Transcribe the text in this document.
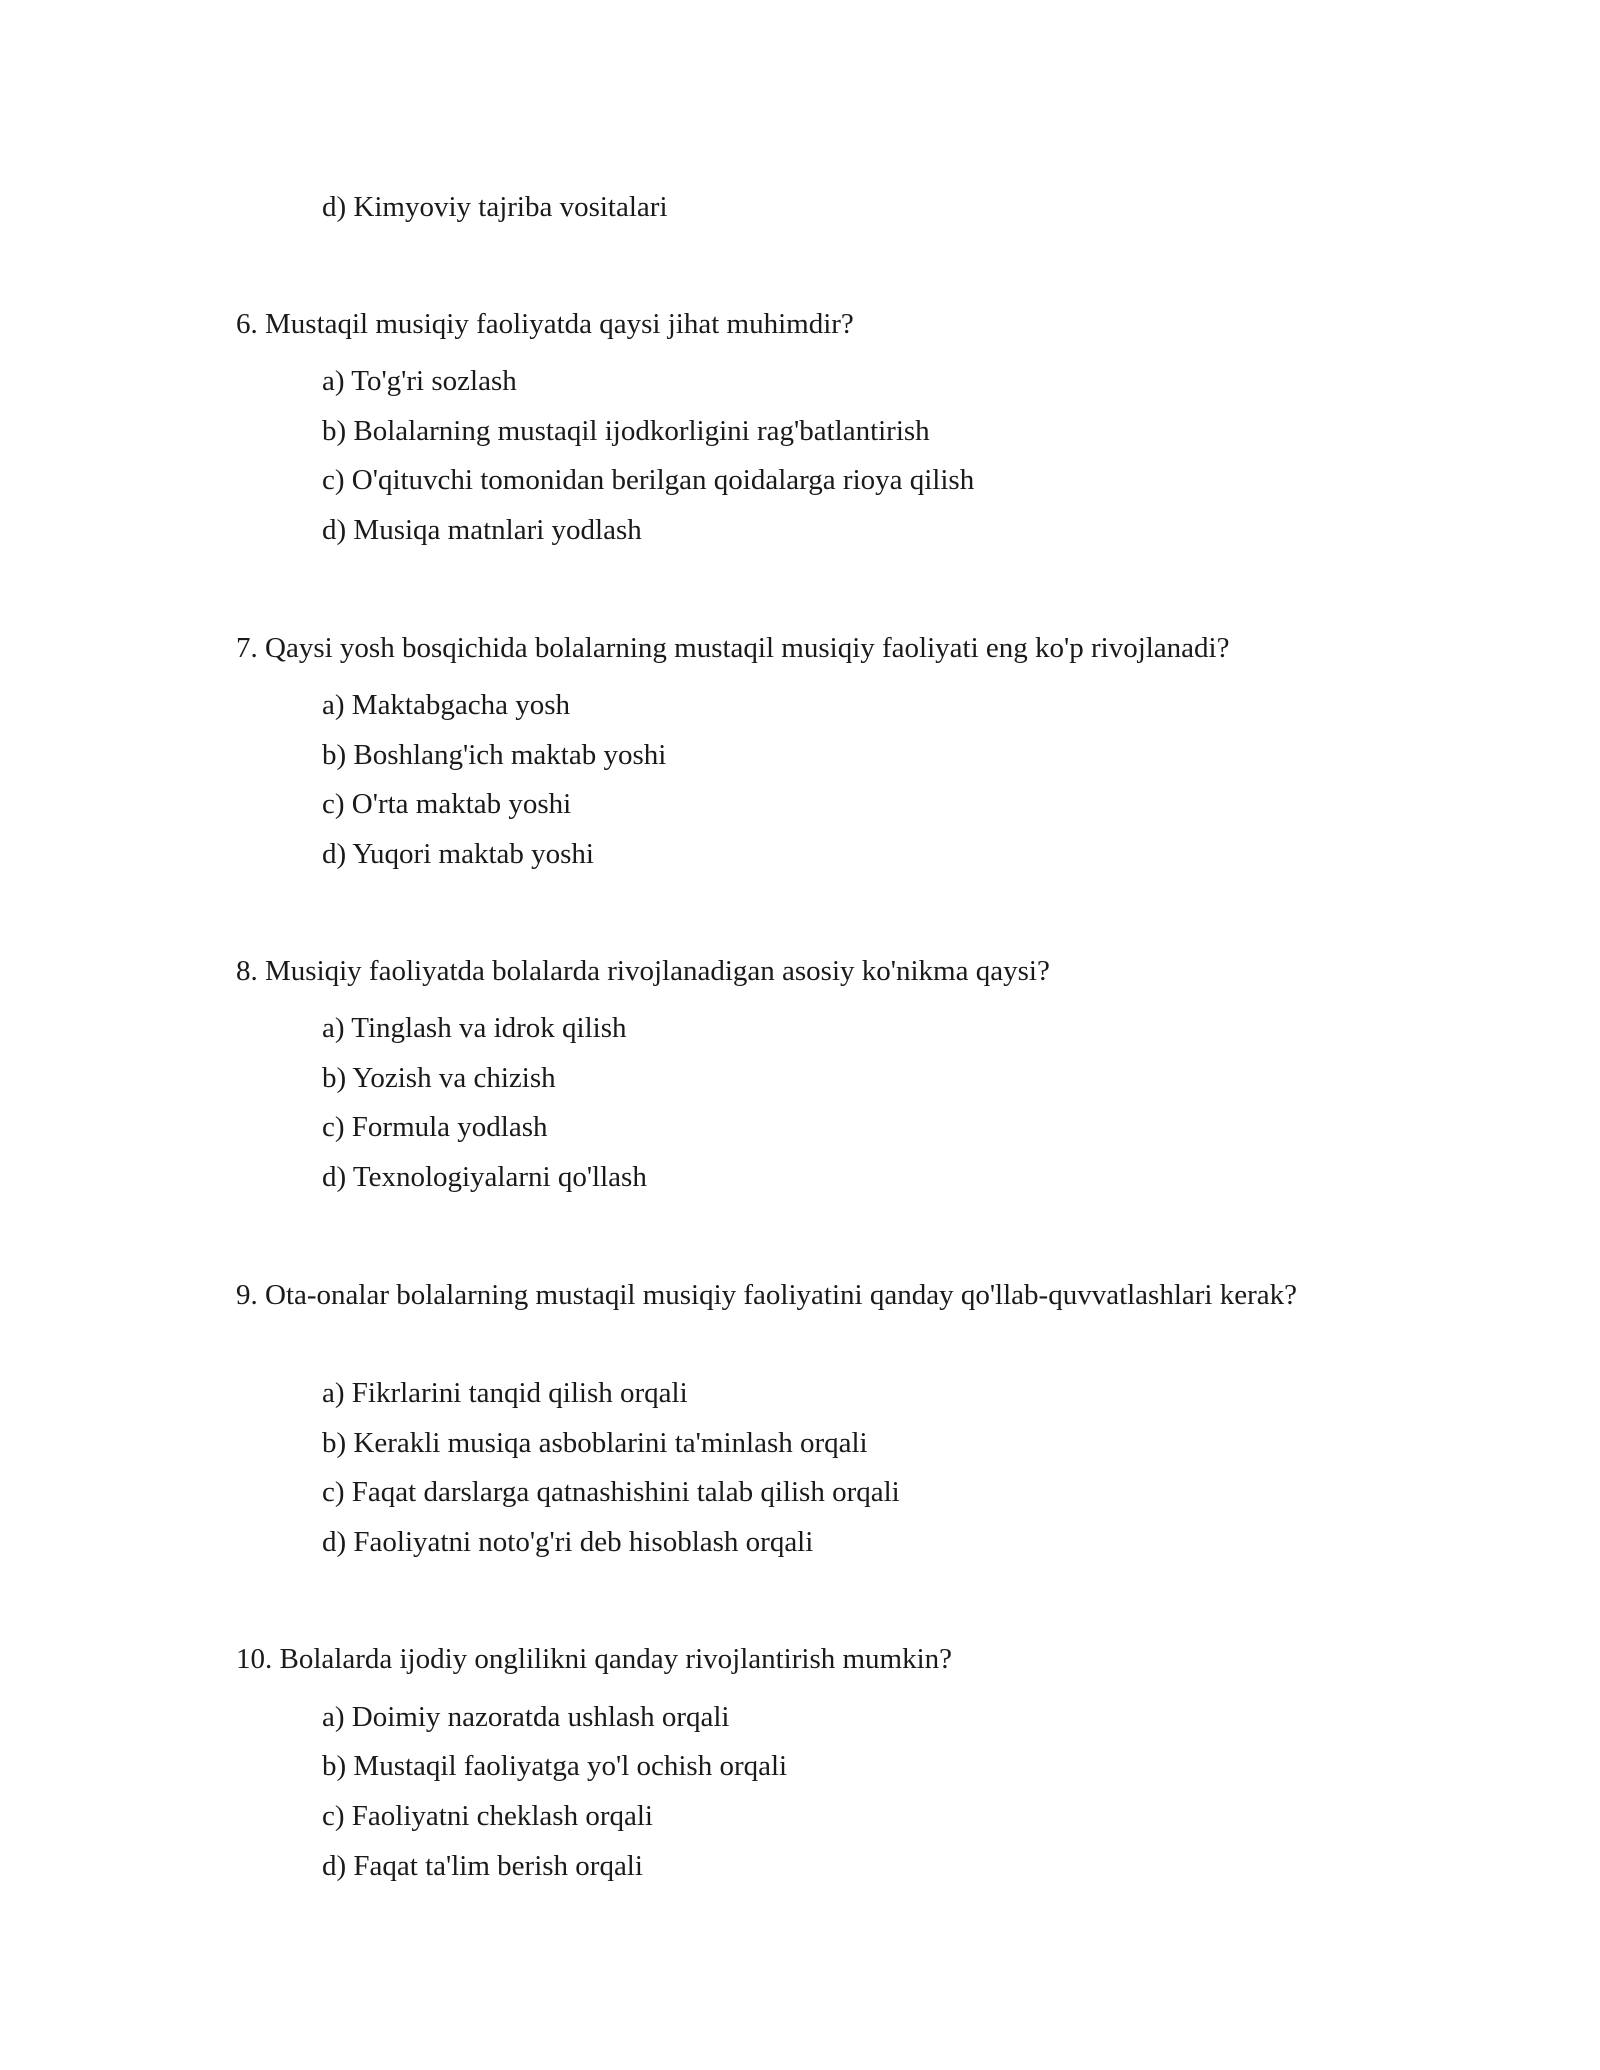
d) Kimyoviy tajriba vositalari
6. Mustaqil musiqiy faoliyatda qaysi jihat muhimdir?
a) To'g'ri sozlash
b) Bolalarning mustaqil ijodkorligini rag'batlantirish
c) O'qituvchi tomonidan berilgan qoidalarga rioya qilish
d) Musiqa matnlari yodlash
7. Qaysi yosh bosqichida bolalarning mustaqil musiqiy faoliyati eng ko'p rivojlanadi?
a) Maktabgacha yosh
b) Boshlang'ich maktab yoshi
c) O'rta maktab yoshi
d) Yuqori maktab yoshi
8. Musiqiy faoliyatda bolalarda rivojlanadigan asosiy ko'nikma qaysi?
a) Tinglash va idrok qilish
b) Yozish va chizish
c) Formula yodlash
d) Texnologiyalarni qo'llash
9. Ota-onalar bolalarning mustaqil musiqiy faoliyatini qanday qo'llab-quvvatlashlari kerak?
a) Fikrlarini tanqid qilish orqali
b) Kerakli musiqa asboblarini ta'minlash orqali
c) Faqat darslarga qatnashishini talab qilish orqali
d) Faoliyatni noto'g'ri deb hisoblash orqali
10. Bolalarda ijodiy onglilikni qanday rivojlantirish mumkin?
a) Doimiy nazoratda ushlash orqali
b) Mustaqil faoliyatga yo'l ochish orqali
c) Faoliyatni cheklash orqali
d) Faqat ta'lim berish orqali
